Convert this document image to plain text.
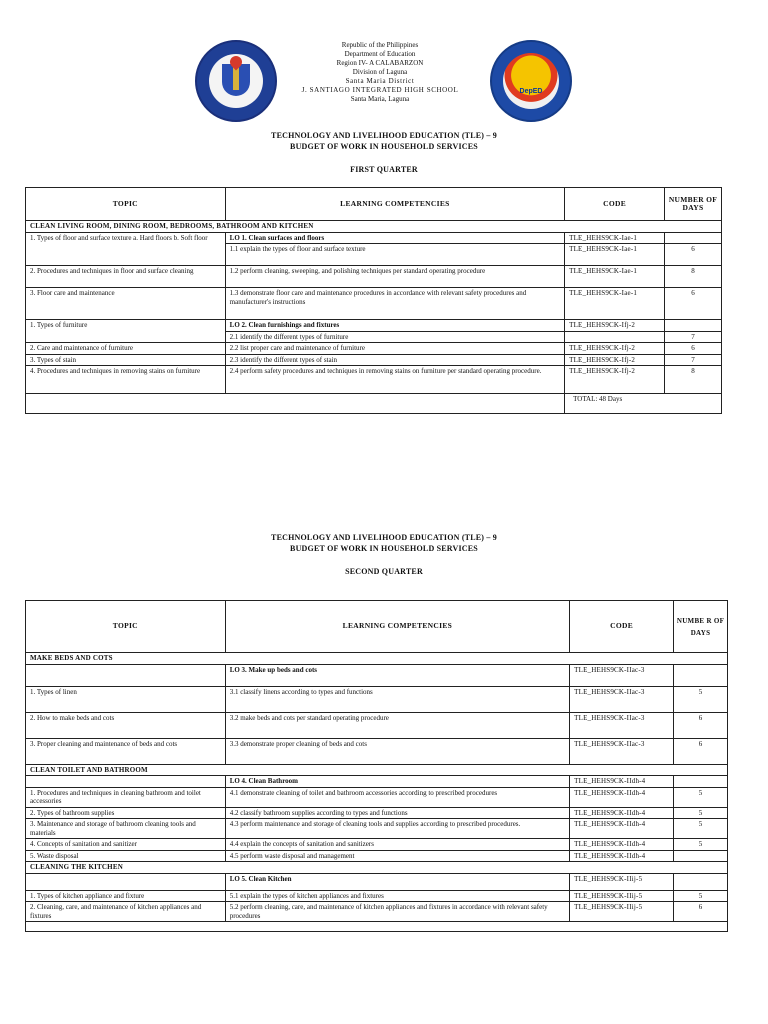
DepED
Republic of the Philippines
Department of Education
Region IV- A CALABARZON
Division of Laguna
Santa Maria District
J. SANTIAGO INTEGRATED HIGH SCHOOL
Santa Maria, Laguna
TECHNOLOGY AND LIVELIHOOD EDUCATION (TLE) – 9
BUDGET OF WORK IN HOUSEHOLD SERVICES
FIRST QUARTER
TOPIC	LEARNING COMPETENCIES	CODE	NUMBER OF DAYS
CLEAN LIVING ROOM, DINING ROOM, BEDROOMS, BATHROOM AND KITCHEN			
1. Types of floor and surface texture a. Hard floors b. Soft floor	LO 1. Clean surfaces and floors	TLE_HEHS9CK-Iae-1	
	1.1 explain the types of floor and surface texture	TLE_HEHS9CK-Iae-1	6
2. Procedures and techniques in floor and surface cleaning	1.2 perform cleaning, sweeping, and polishing techniques per standard operating procedure	TLE_HEHS9CK-Iae-1	8
3. Floor care and maintenance	1.3 demonstrate floor care and maintenance procedures in accordance with relevant safety procedures and manufacturer's instructions	TLE_HEHS9CK-Iae-1	6
1. Types of furniture	LO 2. Clean furnishings and fixtures	TLE_HEHS9CK-Ifj-2	
	2.1 identify the different types of furniture		7
2. Care and maintenance of furniture	2.2 list proper care and maintenance of furniture	TLE_HEHS9CK-Ifj-2	6
3. Types of stain	2.3 identify the different types of stain	TLE_HEHS9CK-Ifj-2	7
4. Procedures and techniques in removing stains on furniture	2.4 perform safety procedures and techniques in removing stains on furniture per standard operating procedure.	TLE_HEHS9CK-Ifj-2	8
		TOTAL: 48 Days	
TECHNOLOGY AND LIVELIHOOD EDUCATION (TLE) – 9
BUDGET OF WORK IN HOUSEHOLD SERVICES
SECOND QUARTER
TOPIC	LEARNING COMPETENCIES	CODE	NUMBE R OF DAYS
MAKE BEDS AND COTS			
	LO 3. Make up beds and cots	TLE_HEHS9CK-IIac-3	
1. Types of linen	3.1 classify linens according to types and functions	TLE_HEHS9CK-IIac-3	5
2. How to make beds and cots	3.2 make beds and cots per standard operating procedure	TLE_HEHS9CK-IIac-3	6
3. Proper cleaning and maintenance of beds and cots	3.3 demonstrate proper cleaning of beds and cots	TLE_HEHS9CK-IIac-3	6
CLEAN TOILET AND BATHROOM			
	LO 4. Clean Bathroom	TLE_HEHS9CK-IIdh-4	
1. Procedures and techniques in cleaning bathroom and toilet accessories	4.1 demonstrate cleaning of toilet and bathroom accessories according to prescribed procedures	TLE_HEHS9CK-IIdh-4	5
2. Types of bathroom supplies	4.2 classify bathroom supplies according to types and functions	TLE_HEHS9CK-IIdh-4	5
3. Maintenance and storage of bathroom cleaning tools and materials	4.3 perform maintenance and storage of cleaning tools and supplies according to prescribed procedures.	TLE_HEHS9CK-IIdh-4	5
4. Concepts of sanitation and sanitizer	4.4 explain the concepts of sanitation and sanitizers	TLE_HEHS9CK-IIdh-4	5
5. Waste disposal	4.5 perform waste disposal and management	TLE_HEHS9CK-IIdh-4	
CLEANING THE KITCHEN			
	LO 5. Clean Kitchen	TLE_HEHS9CK-IIij-5	
1. Types of kitchen appliance and fixture	5.1 explain the types of kitchen appliances and fixtures	TLE_HEHS9CK-IIij-5	5
2. Cleaning, care, and maintenance of kitchen appliances and fixtures	5.2 perform cleaning, care, and maintenance of kitchen appliances and fixtures in accordance with relevant safety procedures	TLE_HEHS9CK-IIij-5	6
